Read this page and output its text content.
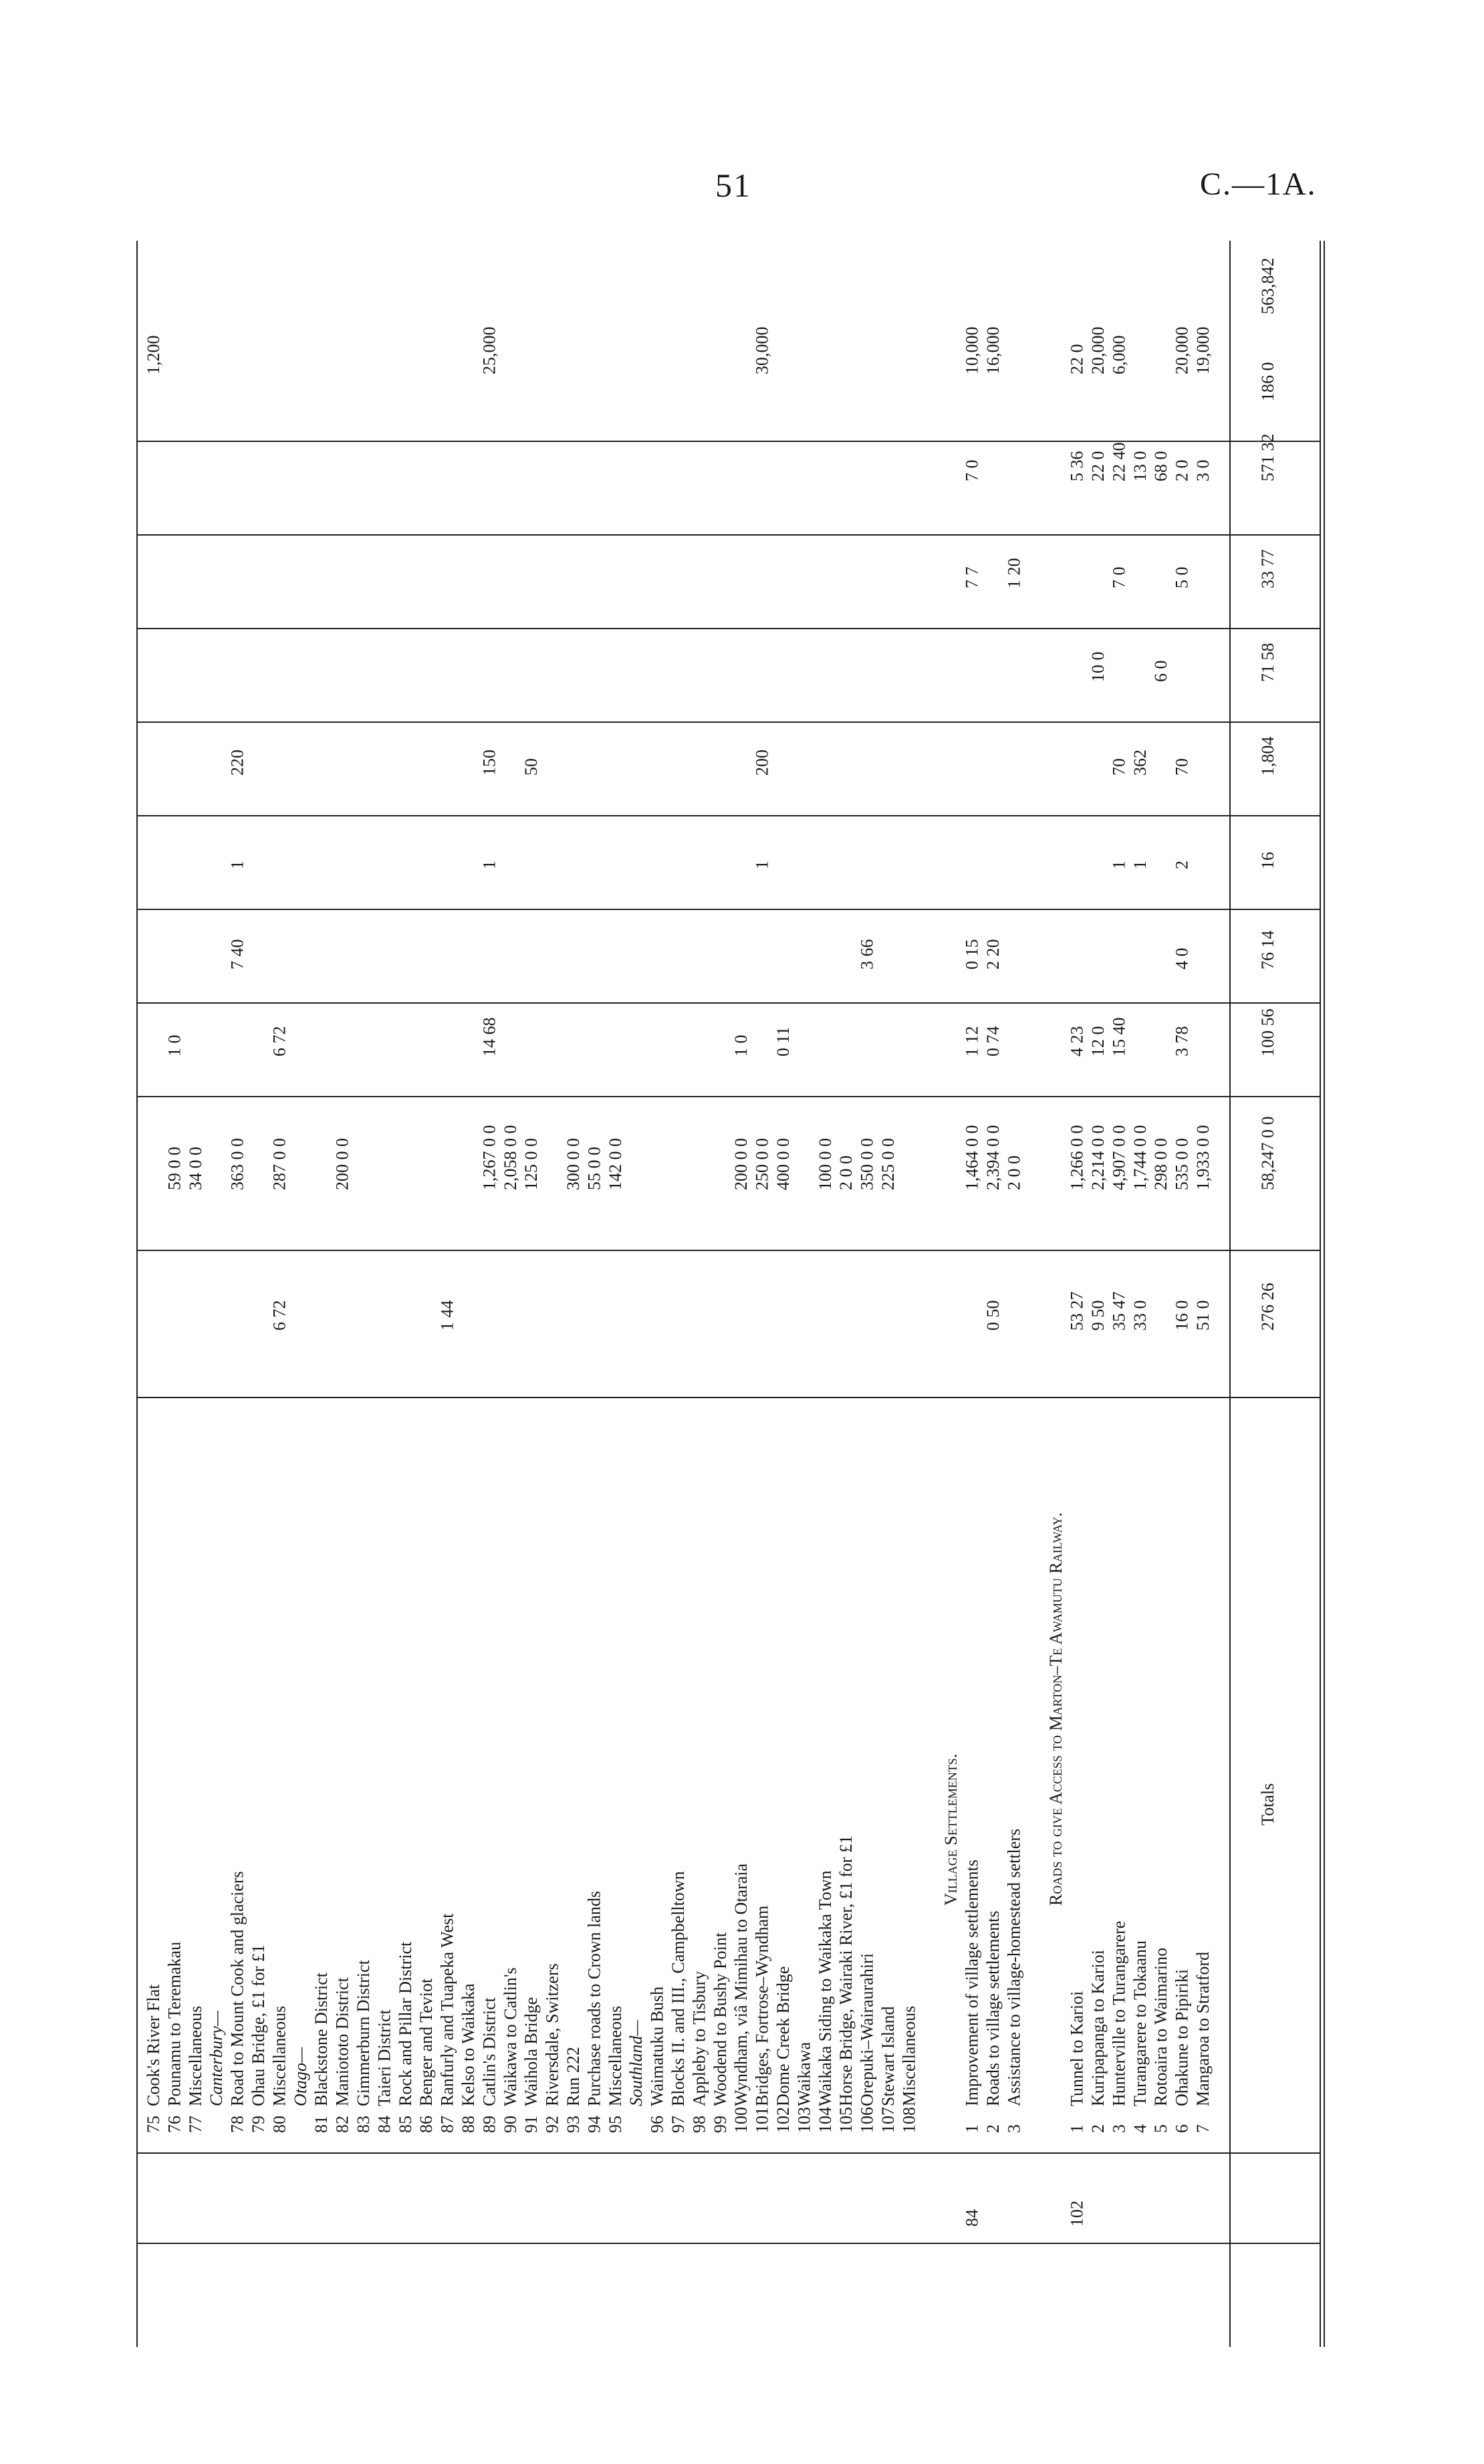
51	C.—1A.
75
Cook's River Flat
1,200
76
Pounamu to Teremakau
59 0 0
1 0
77
Miscellaneous
34 0 0
Canterbury—
78
Road to Mount Cook and glaciers
363 0 0
7 40
1
220
79
Ohau Bridge, £1 for £1
80
Miscellaneous
6 72
287 0 0
6 72
Otago—
81
Blackstone District
82
Maniototo District
200 0 0
83
Gimmerburn District
84
Taieri District
85
Rock and Pillar District
86
Benger and Teviot
87
Ranfurly and Tuapeka West
1 44
88
Kelso to Waikaka
89
Catlin's District
1,267 0 0
14 68
1
150
25,000
90
Waikawa to Catlin's
2,058 0 0
91
Waihola Bridge
125 0 0
50
92
Riversdale, Switzers
93
Run 222
300 0 0
94
Purchase roads to Crown lands
55 0 0
95
Miscellaneous
142 0 0
Southland—
96
Waimatuku Bush
97
Blocks II. and III., Campbelltown
98
Appleby to Tisbury
99
Woodend to Bushy Point
100
Wyndham, viâ Mimihau to Otaraia
200 0 0
1 0
101
Bridges, Fortrose–Wyndham
250 0 0
1
200
30,000
102
Dome Creek Bridge
400 0 0
0 11
103
Waikawa
104
Waikaka Siding to Waikaka Town
100 0 0
105
Horse Bridge, Wairaki River, £1 for £1
2 0 0
106
Orepuki–Wairaurahiri
350 0 0
3 66
107
Stewart Island
225 0 0
108
Miscellaneous
Village Settlements.
84
1
Improvement of village settlements
1,464 0 0
1 12
0 15
7 7
7 0
10,000
2
Roads to village settlements
0 50
2,394 0 0
0 74
2 20
16,000
3
Assistance to village-homestead settlers
2 0 0
1 20
Roads to give Access to Marton–Te Awamutu Railway.
102
1
Tunnel to Karioi
53 27
1,266 0 0
4 23
5 36
22 0
2
Kuripapanga to Karioi
9 50
2,214 0 0
12 0
10 0
22 0
20,000
3
Hunterville to Turangarere
35 47
4,907 0 0
15 40
1
70
7 0
22 40
6,000
4
Turangarere to Tokaanu
33 0
1,744 0 0
1
362
13 0
5
Rotoaira to Waimarino
298 0 0
6 0
68 0
6
Ohakune to Pipiriki
16 0
535 0 0
3 78
4 0
2
70
5 0
2 0
20,000
7
Mangaroa to Stratford
51 0
1,933 0 0
3 0
19,000
Totals
276 26
58,247 0 0
100 56
76 14
16
1,804
71 58
33 77
571 32
186 0
563,842
